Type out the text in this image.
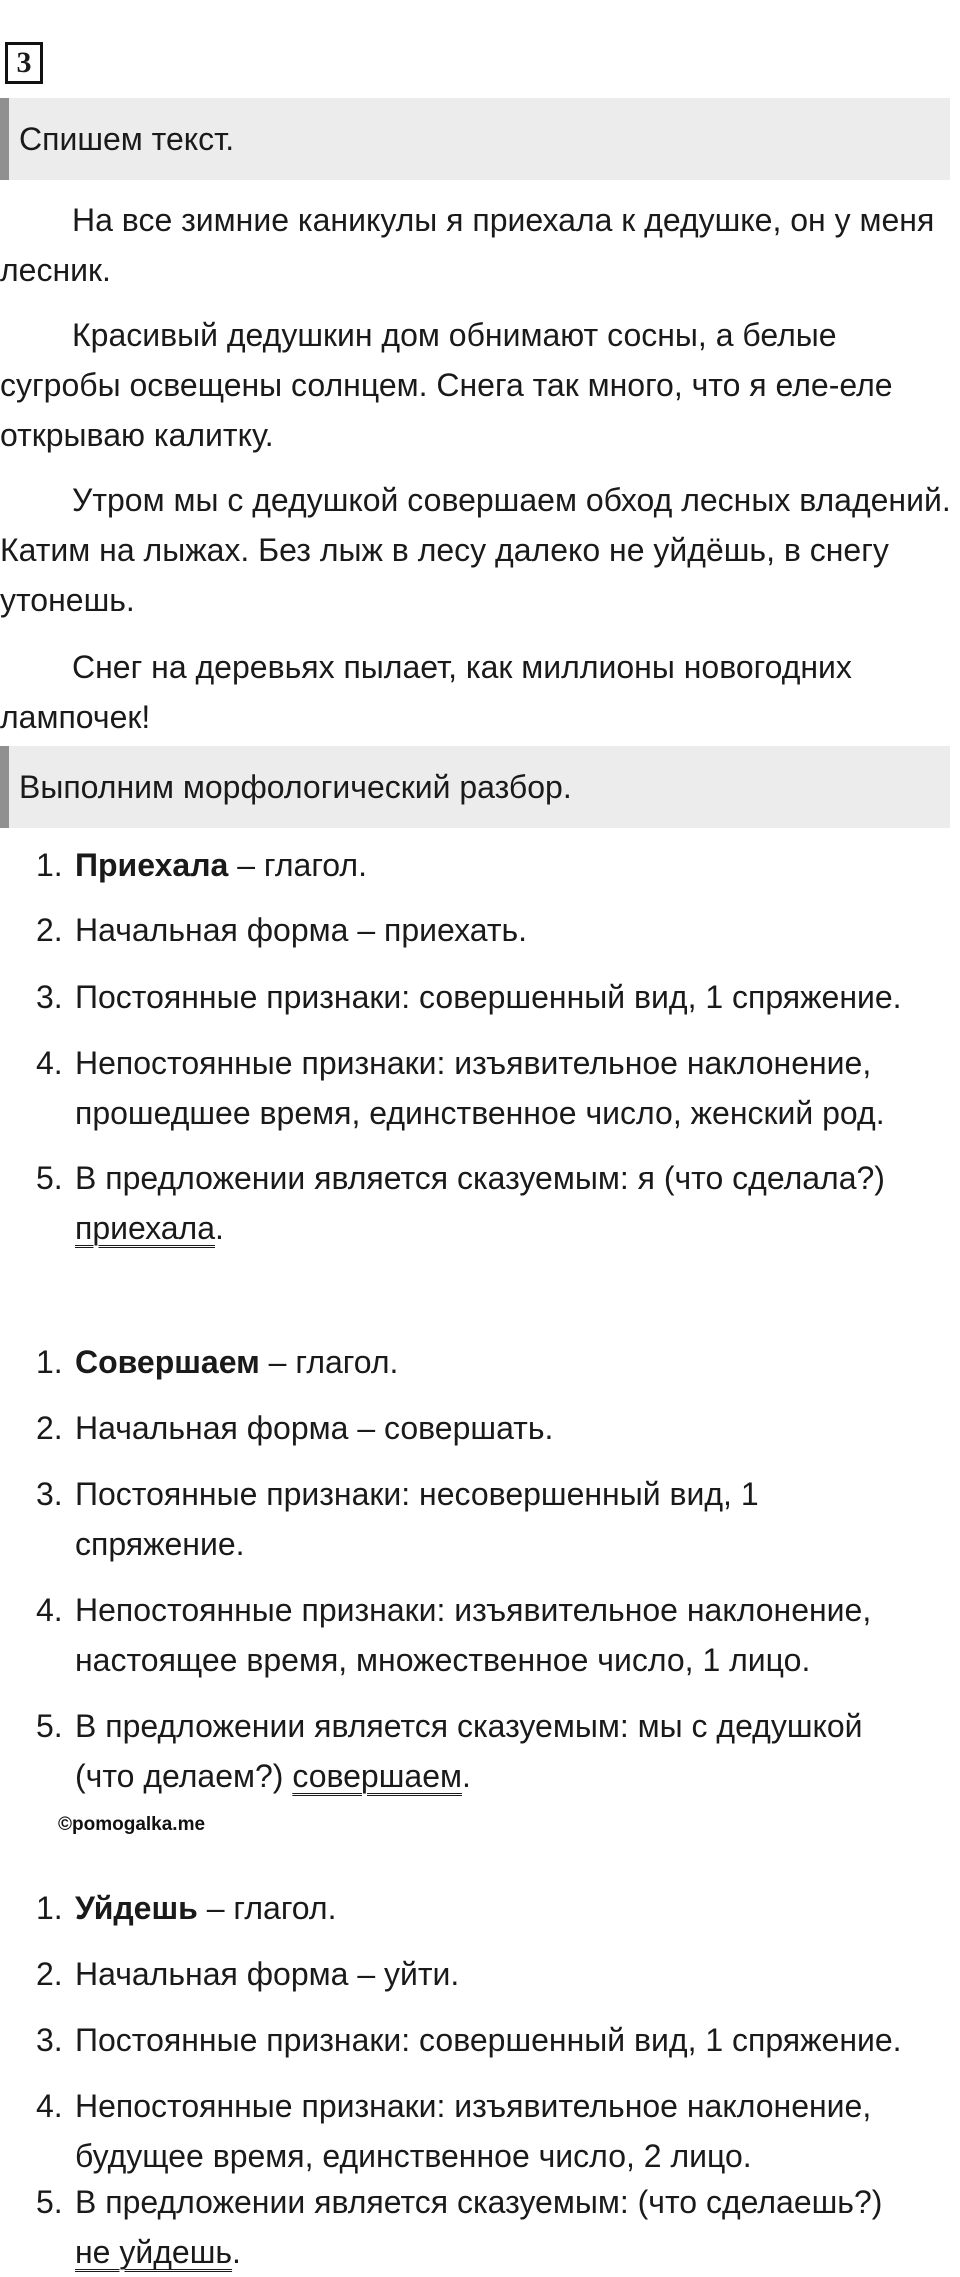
3
Спишем текст.

На все зимние каникулы я приехала к дедушке, он у меня лесник.

Красивый дедушкин дом обнимают сосны, а белые сугробы освещены солнцем. Снега так много, что я еле-еле открываю калитку.

Утром мы с дедушкой совершаем обход лесных владений. Катим на лыжах. Без лыж в лесу далеко не уйдёшь, в снегу утонешь.

Снег на деревьях пылает, как миллионы новогодних лампочек!

Выполним морфологический разбор.
1. Приехала – глагол.
2. Начальная форма – приехать.
3. Постоянные признаки: совершенный вид, 1 спряжение.
4. Непостоянные признаки: изъявительное наклонение,
прошедшее время, единственное число, женский род.
5. В предложении является сказуемым: я (что сделала?)
приехала.
1. Совершаем – глагол.
2. Начальная форма – совершать.
3. Постоянные признаки: несовершенный вид, 1
спряжение.
4. Непостоянные признаки: изъявительное наклонение,
настоящее время, множественное число, 1 лицо.
5. В предложении является сказуемым: мы с дедушкой
(что делаем?) совершаем.
©pomogalka.me
1. Уйдешь – глагол.
2. Начальная форма – уйти.
3. Постоянные признаки: совершенный вид, 1 спряжение.
4. Непостоянные признаки: изъявительное наклонение,
будущее время, единственное число, 2 лицо.
5. В предложении является сказуемым: (что сделаешь?)
не уйдешь.
